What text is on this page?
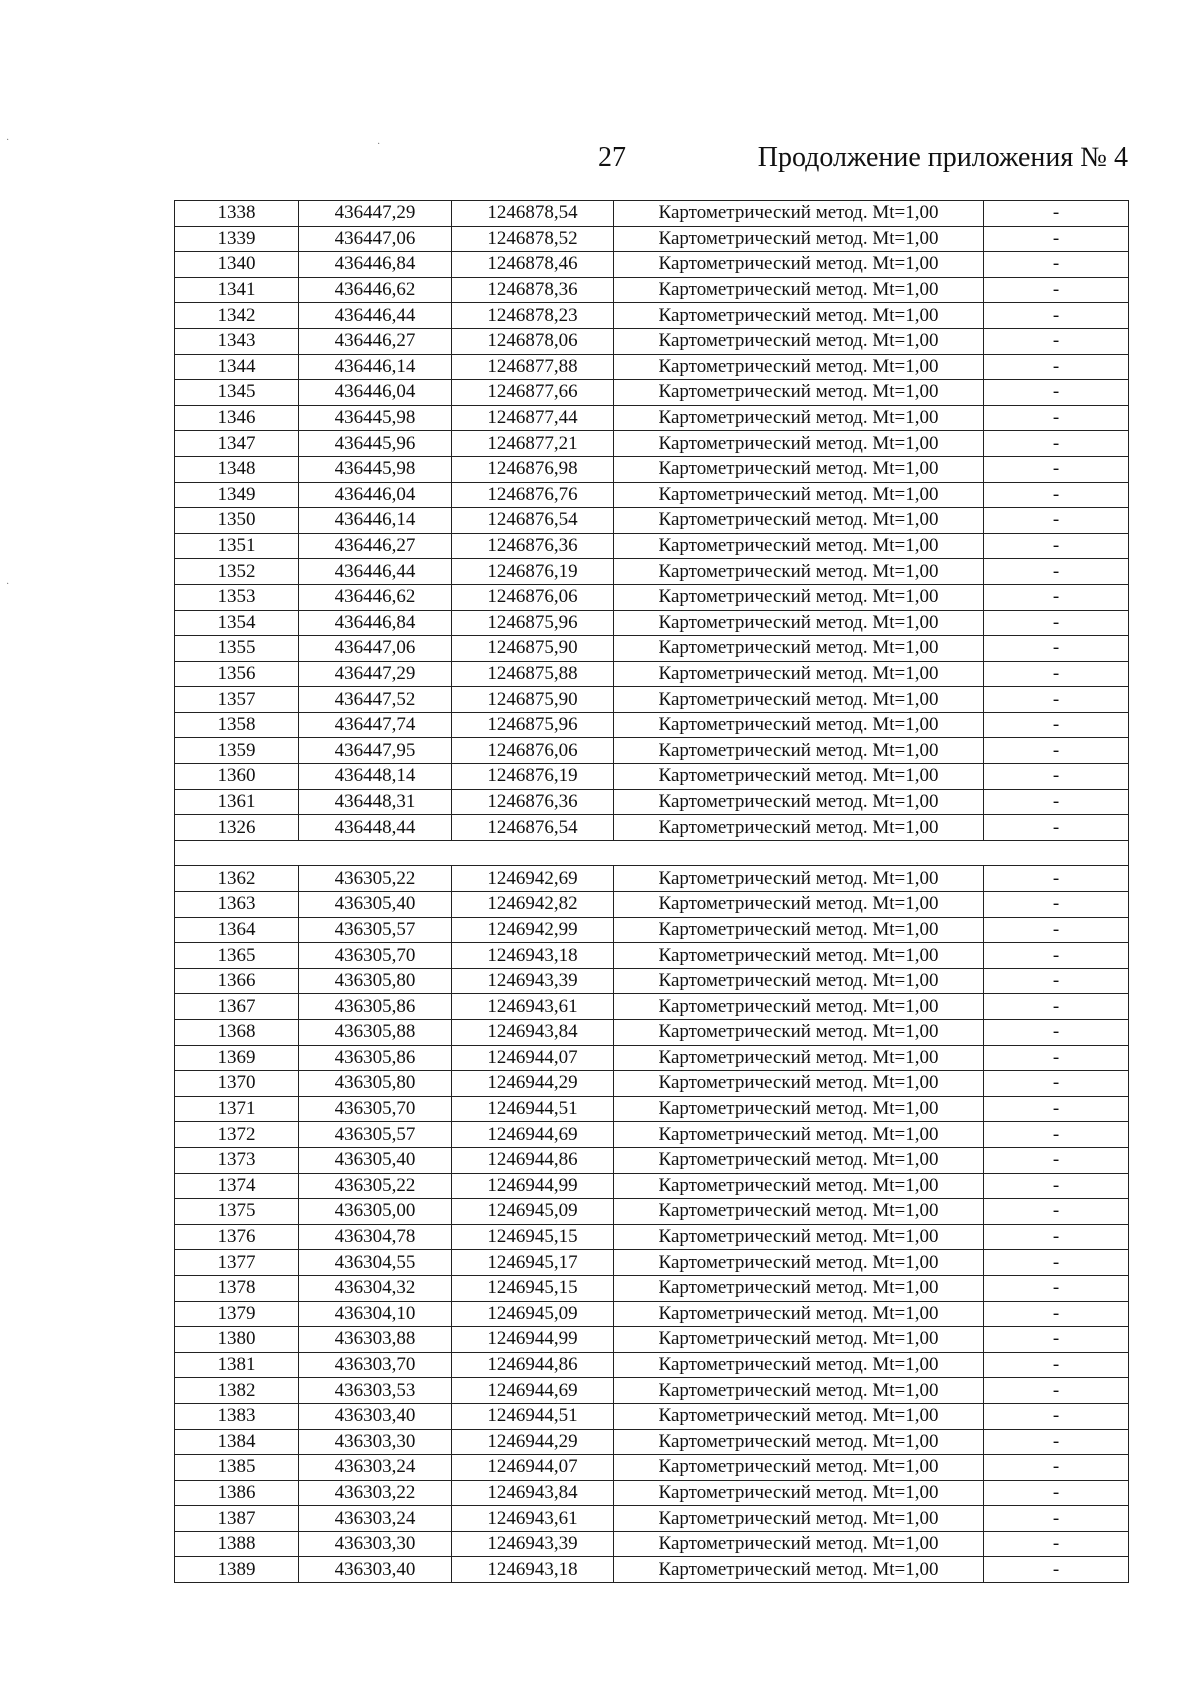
27	Продолжение приложения № 4
·
·
·
1338	436447,29	1246878,54	Картометрический метод. Mt=1,00	-
1339	436447,06	1246878,52	Картометрический метод. Mt=1,00	-
1340	436446,84	1246878,46	Картометрический метод. Mt=1,00	-
1341	436446,62	1246878,36	Картометрический метод. Mt=1,00	-
1342	436446,44	1246878,23	Картометрический метод. Mt=1,00	-
1343	436446,27	1246878,06	Картометрический метод. Mt=1,00	-
1344	436446,14	1246877,88	Картометрический метод. Mt=1,00	-
1345	436446,04	1246877,66	Картометрический метод. Mt=1,00	-
1346	436445,98	1246877,44	Картометрический метод. Mt=1,00	-
1347	436445,96	1246877,21	Картометрический метод. Mt=1,00	-
1348	436445,98	1246876,98	Картометрический метод. Mt=1,00	-
1349	436446,04	1246876,76	Картометрический метод. Mt=1,00	-
1350	436446,14	1246876,54	Картометрический метод. Mt=1,00	-
1351	436446,27	1246876,36	Картометрический метод. Mt=1,00	-
1352	436446,44	1246876,19	Картометрический метод. Mt=1,00	-
1353	436446,62	1246876,06	Картометрический метод. Mt=1,00	-
1354	436446,84	1246875,96	Картометрический метод. Mt=1,00	-
1355	436447,06	1246875,90	Картометрический метод. Mt=1,00	-
1356	436447,29	1246875,88	Картометрический метод. Mt=1,00	-
1357	436447,52	1246875,90	Картометрический метод. Mt=1,00	-
1358	436447,74	1246875,96	Картометрический метод. Mt=1,00	-
1359	436447,95	1246876,06	Картометрический метод. Mt=1,00	-
1360	436448,14	1246876,19	Картометрический метод. Mt=1,00	-
1361	436448,31	1246876,36	Картометрический метод. Mt=1,00	-
1326	436448,44	1246876,54	Картометрический метод. Mt=1,00	-

1362	436305,22	1246942,69	Картометрический метод. Mt=1,00	-
1363	436305,40	1246942,82	Картометрический метод. Mt=1,00	-
1364	436305,57	1246942,99	Картометрический метод. Mt=1,00	-
1365	436305,70	1246943,18	Картометрический метод. Mt=1,00	-
1366	436305,80	1246943,39	Картометрический метод. Mt=1,00	-
1367	436305,86	1246943,61	Картометрический метод. Mt=1,00	-
1368	436305,88	1246943,84	Картометрический метод. Mt=1,00	-
1369	436305,86	1246944,07	Картометрический метод. Mt=1,00	-
1370	436305,80	1246944,29	Картометрический метод. Mt=1,00	-
1371	436305,70	1246944,51	Картометрический метод. Mt=1,00	-
1372	436305,57	1246944,69	Картометрический метод. Mt=1,00	-
1373	436305,40	1246944,86	Картометрический метод. Mt=1,00	-
1374	436305,22	1246944,99	Картометрический метод. Mt=1,00	-
1375	436305,00	1246945,09	Картометрический метод. Mt=1,00	-
1376	436304,78	1246945,15	Картометрический метод. Mt=1,00	-
1377	436304,55	1246945,17	Картометрический метод. Mt=1,00	-
1378	436304,32	1246945,15	Картометрический метод. Mt=1,00	-
1379	436304,10	1246945,09	Картометрический метод. Mt=1,00	-
1380	436303,88	1246944,99	Картометрический метод. Mt=1,00	-
1381	436303,70	1246944,86	Картометрический метод. Mt=1,00	-
1382	436303,53	1246944,69	Картометрический метод. Mt=1,00	-
1383	436303,40	1246944,51	Картометрический метод. Mt=1,00	-
1384	436303,30	1246944,29	Картометрический метод. Mt=1,00	-
1385	436303,24	1246944,07	Картометрический метод. Mt=1,00	-
1386	436303,22	1246943,84	Картометрический метод. Mt=1,00	-
1387	436303,24	1246943,61	Картометрический метод. Mt=1,00	-
1388	436303,30	1246943,39	Картометрический метод. Mt=1,00	-
1389	436303,40	1246943,18	Картометрический метод. Mt=1,00	-
